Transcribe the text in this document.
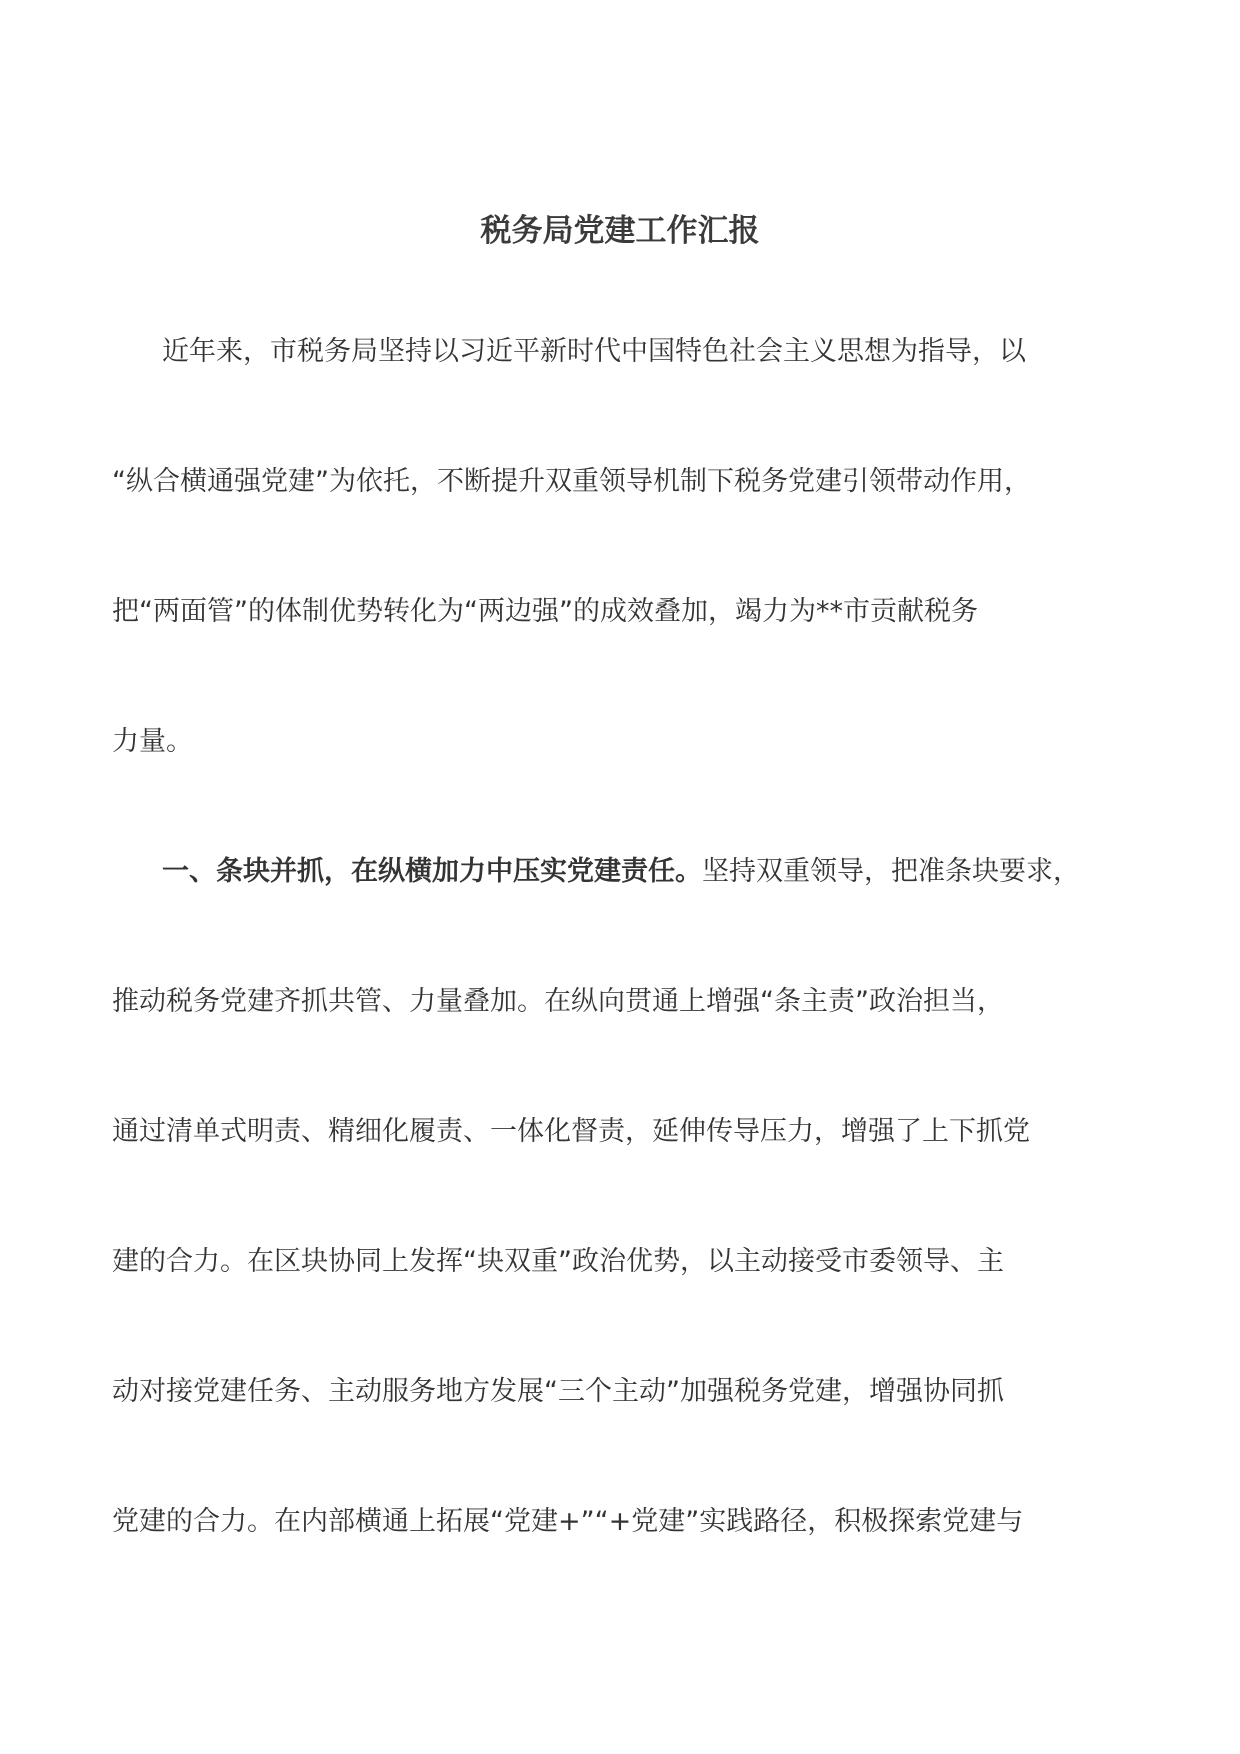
税务局党建工作汇报

近年来，市税务局坚持以习近平新时代中国特色社会主义思想为指导，以

“纵合横通强党建”为依托，不断提升双重领导机制下税务党建引领带动作用，

把“两面管”的体制优势转化为“两边强”的成效叠加，竭力为**市贡献税务

力量。

一、条块并抓，在纵横加力中压实党建责任。坚持双重领导，把准条块要求，

推动税务党建齐抓共管、力量叠加。在纵向贯通上增强“条主责”政治担当，

通过清单式明责、精细化履责、一体化督责，延伸传导压力，增强了上下抓党

建的合力。在区块协同上发挥“块双重”政治优势，以主动接受市委领导、主

动对接党建任务、主动服务地方发展“三个主动”加强税务党建，增强协同抓

党建的合力。在内部横通上拓展“党建+”“+党建”实践路径，积极探索党建与
